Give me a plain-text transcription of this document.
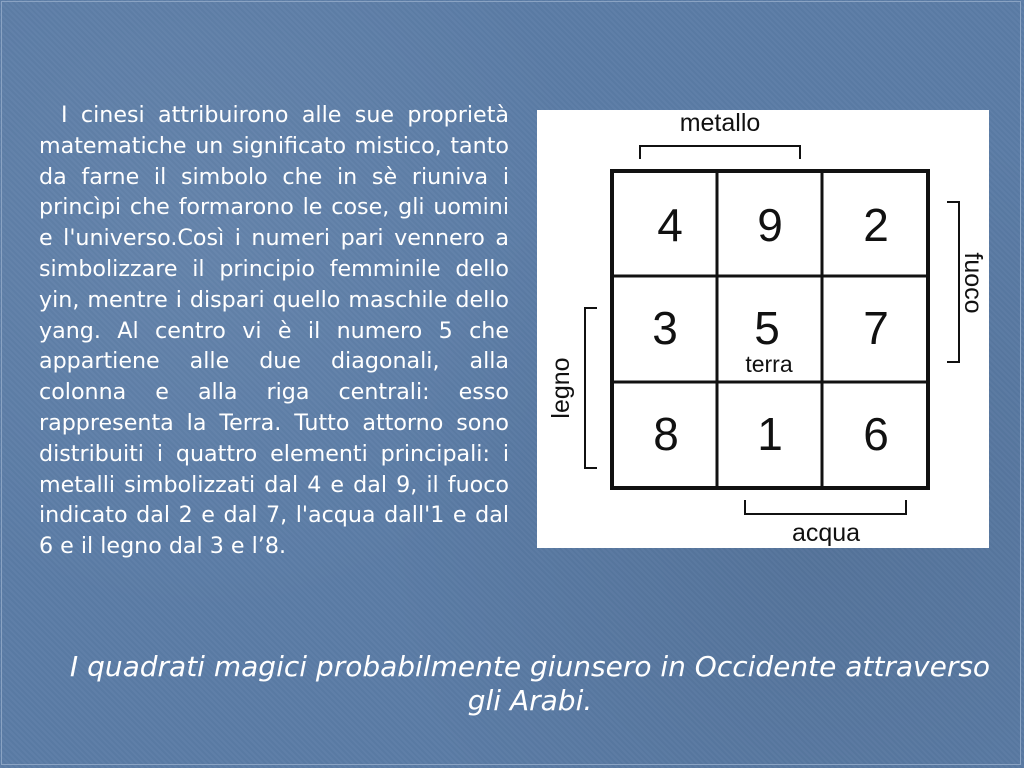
I cinesi attribuirono alle sue proprietà matematiche un significato mistico, tanto da farne il simbolo che in sè riuniva i princìpi che formarono le cose, gli uomini e l'universo.Così i numeri pari vennero a simbolizzare il principio femminile dello yin, mentre i dispari quello maschile dello yang. Al centro vi è il numero 5 che appartiene alle due diagonali, alla colonna e alla riga centrali: esso rappresenta la Terra. Tutto attorno sono distribuiti i quattro elementi principali: i metalli simbolizzati dal 4 e dal 9, il fuoco indicato dal 2 e dal 7, l'acqua dall'1 e dal 6 e il legno dal 3 e l’8.

4 9 2
3 5 7
8 1 6
terra
metallo
acqua
fuoco
legno

I quadrati magici probabilmente giunsero in Occidente attraverso gli Arabi.
